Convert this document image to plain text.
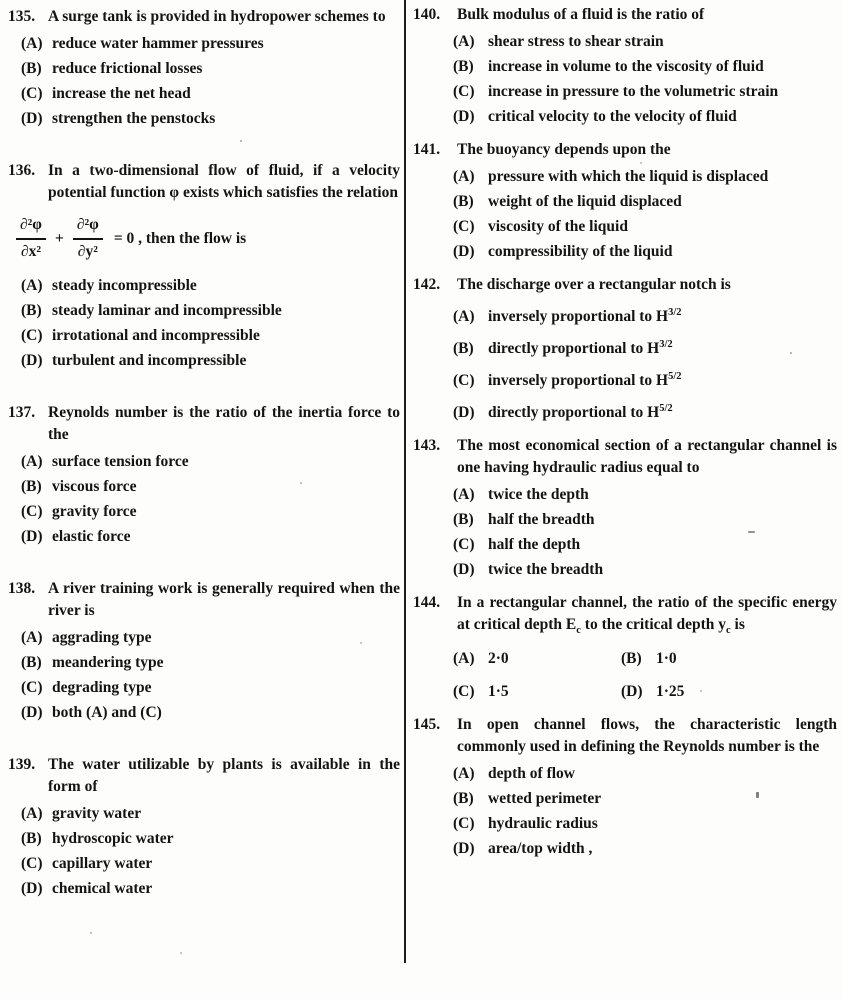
135. A surge tank is provided in hydropower schemes to
(A) reduce water hammer pressures
(B) reduce frictional losses
(C) increase the net head
(D) strengthen the penstocks
136. In a two-dimensional flow of fluid, if a velocity potential function φ exists which satisfies the relation
$\frac{\text{∂²φ}}{\text{∂x²}} + \frac{\text{∂²φ}}{\text{∂y²}} = 0$ , then the flow is
(A) steady incompressible
(B) steady laminar and incompressible
(C) irrotational and incompressible
(D) turbulent and incompressible
137. Reynolds number is the ratio of the inertia force to the
(A) surface tension force
(B) viscous force
(C) gravity force
(D) elastic force
138. A river training work is generally required when the river is
(A) aggrading type
(B) meandering type
(C) degrading type
(D) both (A) and (C)
139. The water utilizable by plants is available in the form of
(A) gravity water
(B) hydroscopic water
(C) capillary water
(D) chemical water
140.	Bulk modulus of a fluid is the ratio of
(A) shear stress to shear strain
(B) increase in volume to the viscosity of fluid
(C) increase in pressure to the volumetric strain
(D) critical velocity to the velocity of fluid
141.	The buoyancy depends upon the
(A) pressure with which the liquid is displaced
(B) weight of the liquid displaced
(C) viscosity of the liquid
(D) compressibility of the liquid
142.	The discharge over a rectangular notch is
(A) inversely proportional to $H^{3/2}$
(B) directly proportional to $H^{3/2}$
(C) inversely proportional to $H^{5/2}$
(D) directly proportional to $H^{5/2}$
143.	The most economical section of a rectangular channel is one having hydraulic radius equal to
(A) twice the depth
(B) half the breadth
(C) half the depth
(D) twice the breadth
144.	In a rectangular channel, the ratio of the specific energy at critical depth $E_c$ to the critical depth $y_c$ is
(A) 2·0	(B) 1·0
(C) 1·5	(D) 1·25
145.	In open channel flows, the characteristic length commonly used in defining the Reynolds number is the
(A) depth of flow
(B) wetted perimeter
(C) hydraulic radius
(D) area/top width ,
